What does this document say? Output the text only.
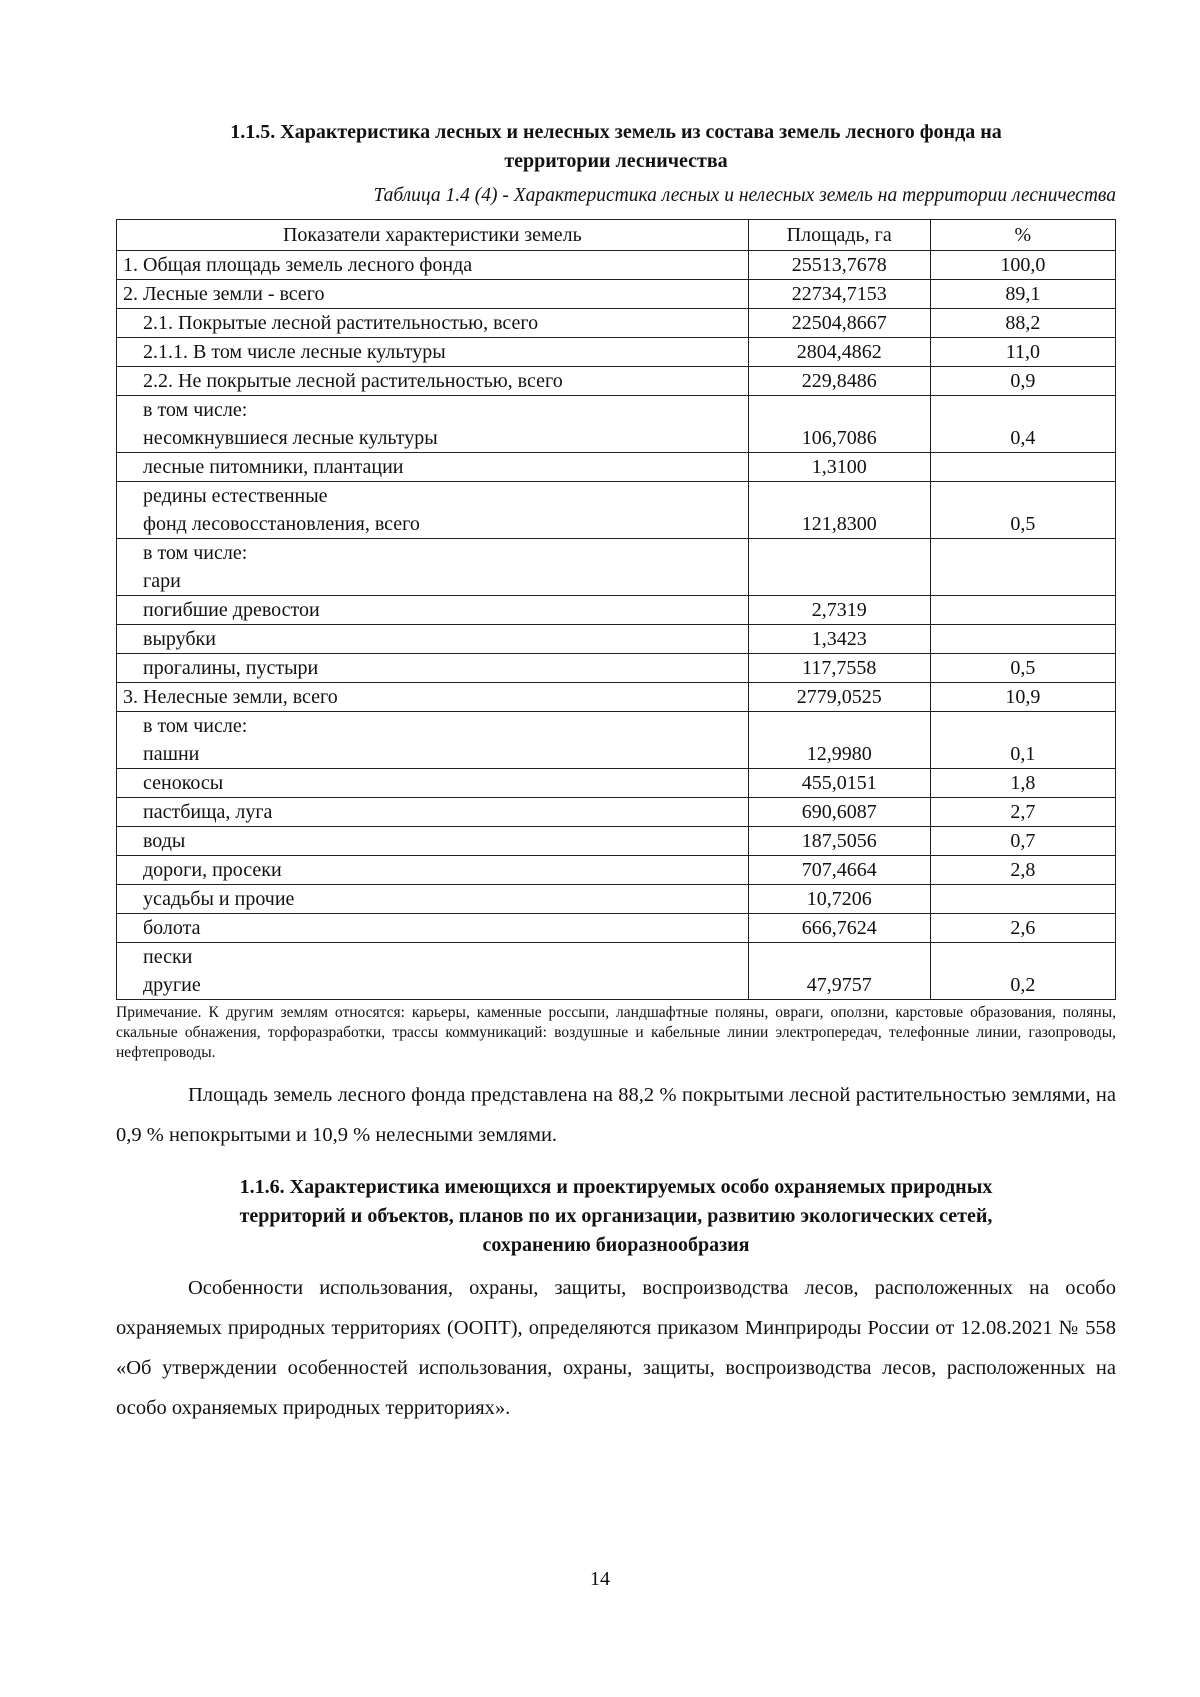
1.1.5. Характеристика лесных и нелесных земель из состава земель лесного фонда на
территории лесничества

Таблица 1.4 (4) - Характеристика лесных и нелесных земель на территории лесничества
Показатели характеристики земель	Площадь, га	%

1. Общая площадь земель лесного фонда	25513,7678	100,0

2. Лесные земли - всего	22734,7153	89,1

2.1. Покрытые лесной растительностью, всего	22504,8667	88,2

2.1.1. В том числе лесные культуры	2804,4862	11,0

2.2. Не покрытые лесной растительностью, всего	229,8486	0,9

в том числе:
несомкнувшиеся лесные культуры	106,7086	0,4

лесные питомники, плантации	1,3100	

редины естественные
фонд лесовосстановления, всего	121,8300	0,5

в том числе:
гари		

погибшие древостои	2,7319	

вырубки	1,3423	

прогалины, пустыри	117,7558	0,5

3. Нелесные земли, всего	2779,0525	10,9

в том числе:
пашни	12,9980	0,1

сенокосы	455,0151	1,8

пастбища, луга	690,6087	2,7

воды	187,5056	0,7

дороги, просеки	707,4664	2,8

усадьбы и прочие	10,7206	

болота	666,7624	2,6

пески
другие	47,9757	0,2
Примечание. К другим землям относятся: карьеры, каменные россыпи, ландшафтные поляны, овраги, оползни, карстовые образования, поляны, скальные обнажения, торфоразработки, трассы коммуникаций: воздушные и кабельные линии электропередач, телефонные линии, газопроводы, нефтепроводы.

Площадь земель лесного фонда представлена на 88,2 % покрытыми лесной растительностью землями, на 0,9 % непокрытыми и 10,9 % нелесными землями.

1.1.6. Характеристика имеющихся и проектируемых особо охраняемых природных
территорий и объектов, планов по их организации, развитию экологических сетей,
сохранению биоразнообразия

Особенности использования, охраны, защиты, воспроизводства лесов, расположенных на особо охраняемых природных территориях (ООПТ), определяются приказом Минприроды России от 12.08.2021 № 558 «Об утверждении особенностей использования, охраны, защиты, воспроизводства лесов, расположенных на особо охраняемых природных территориях».

14
